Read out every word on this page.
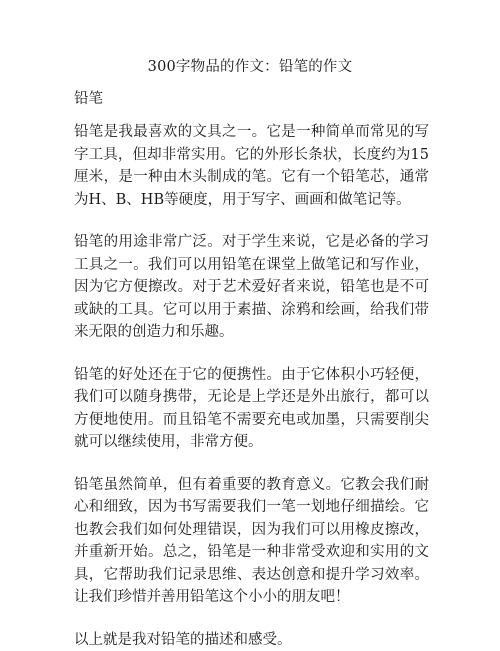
300字物品的作文：铅笔的作文
铅笔

铅笔是我最喜欢的文具之一。它是一种简单而常见的写字工具，但却非常实用。它的外形长条状，长度约为15厘米，是一种由木头制成的笔。它有一个铅笔芯，通常为H、B、HB等硬度，用于写字、画画和做笔记等。

铅笔的用途非常广泛。对于学生来说，它是必备的学习工具之一。我们可以用铅笔在课堂上做笔记和写作业，因为它方便擦改。对于艺术爱好者来说，铅笔也是不可或缺的工具。它可以用于素描、涂鸦和绘画，给我们带来无限的创造力和乐趣。

铅笔的好处还在于它的便携性。由于它体积小巧轻便，我们可以随身携带，无论是上学还是外出旅行，都可以方便地使用。而且铅笔不需要充电或加墨，只需要削尖就可以继续使用，非常方便。

铅笔虽然简单，但有着重要的教育意义。它教会我们耐心和细致，因为书写需要我们一笔一划地仔细描绘。它也教会我们如何处理错误，因为我们可以用橡皮擦改，并重新开始。总之，铅笔是一种非常受欢迎和实用的文具，它帮助我们记录思维、表达创意和提升学习效率。让我们珍惜并善用铅笔这个小小的朋友吧！

以上就是我对铅笔的描述和感受。
